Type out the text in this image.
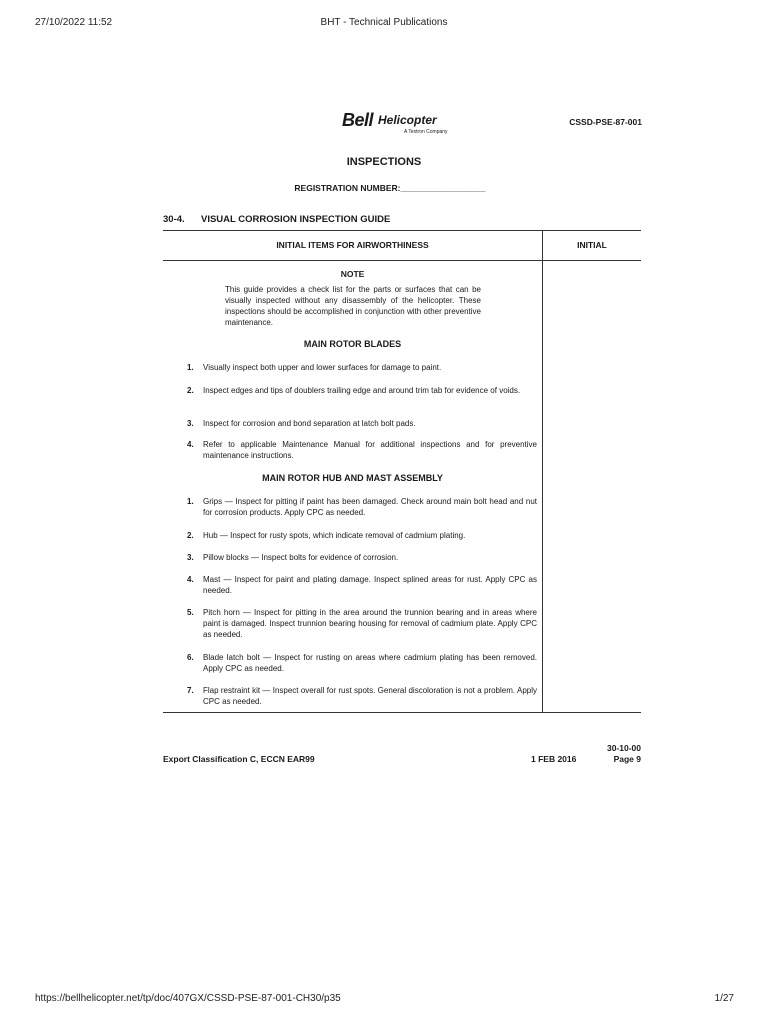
27/10/2022 11:52	BHT - Technical Publications
Bell Helicopter
A Textron Company
CSSD-PSE-87-001
INSPECTIONS
REGISTRATION NUMBER:__________________
30-4. VISUAL CORROSION INSPECTION GUIDE
INITIAL ITEMS FOR AIRWORTHINESS	INITIAL
NOTE
This guide provides a check list for the parts or surfaces that can be visually inspected without any disassembly of the helicopter. These inspections should be accomplished in conjunction with other preventive maintenance.
MAIN ROTOR BLADES
1. Visually inspect both upper and lower surfaces for damage to paint.
2. Inspect edges and tips of doublers trailing edge and around trim tab for evidence of voids.
3. Inspect for corrosion and bond separation at latch bolt pads.
4. Refer to applicable Maintenance Manual for additional inspections and for preventive maintenance instructions.
MAIN ROTOR HUB AND MAST ASSEMBLY
1. Grips — Inspect for pitting if paint has been damaged. Check around main bolt head and nut for corrosion products. Apply CPC as needed.
2. Hub — Inspect for rusty spots, which indicate removal of cadmium plating.
3. Pillow blocks — Inspect bolts for evidence of corrosion.
4. Mast — Inspect for paint and plating damage. Inspect splined areas for rust. Apply CPC as needed.
5. Pitch horn — Inspect for pitting in the area around the trunnion bearing and in areas where paint is damaged. Inspect trunnion bearing housing for removal of cadmium plate. Apply CPC as needed.
6. Blade latch bolt — Inspect for rusting on areas where cadmium plating has been removed. Apply CPC as needed.
7. Flap restraint kit — Inspect overall for rust spots. General discoloration is not a problem. Apply CPC as needed.
30-10-00
Export Classification C, ECCN EAR99	1 FEB 2016	Page 9
https://bellhelicopter.net/tp/doc/407GX/CSSD-PSE-87-001-CH30/p35	1/27
